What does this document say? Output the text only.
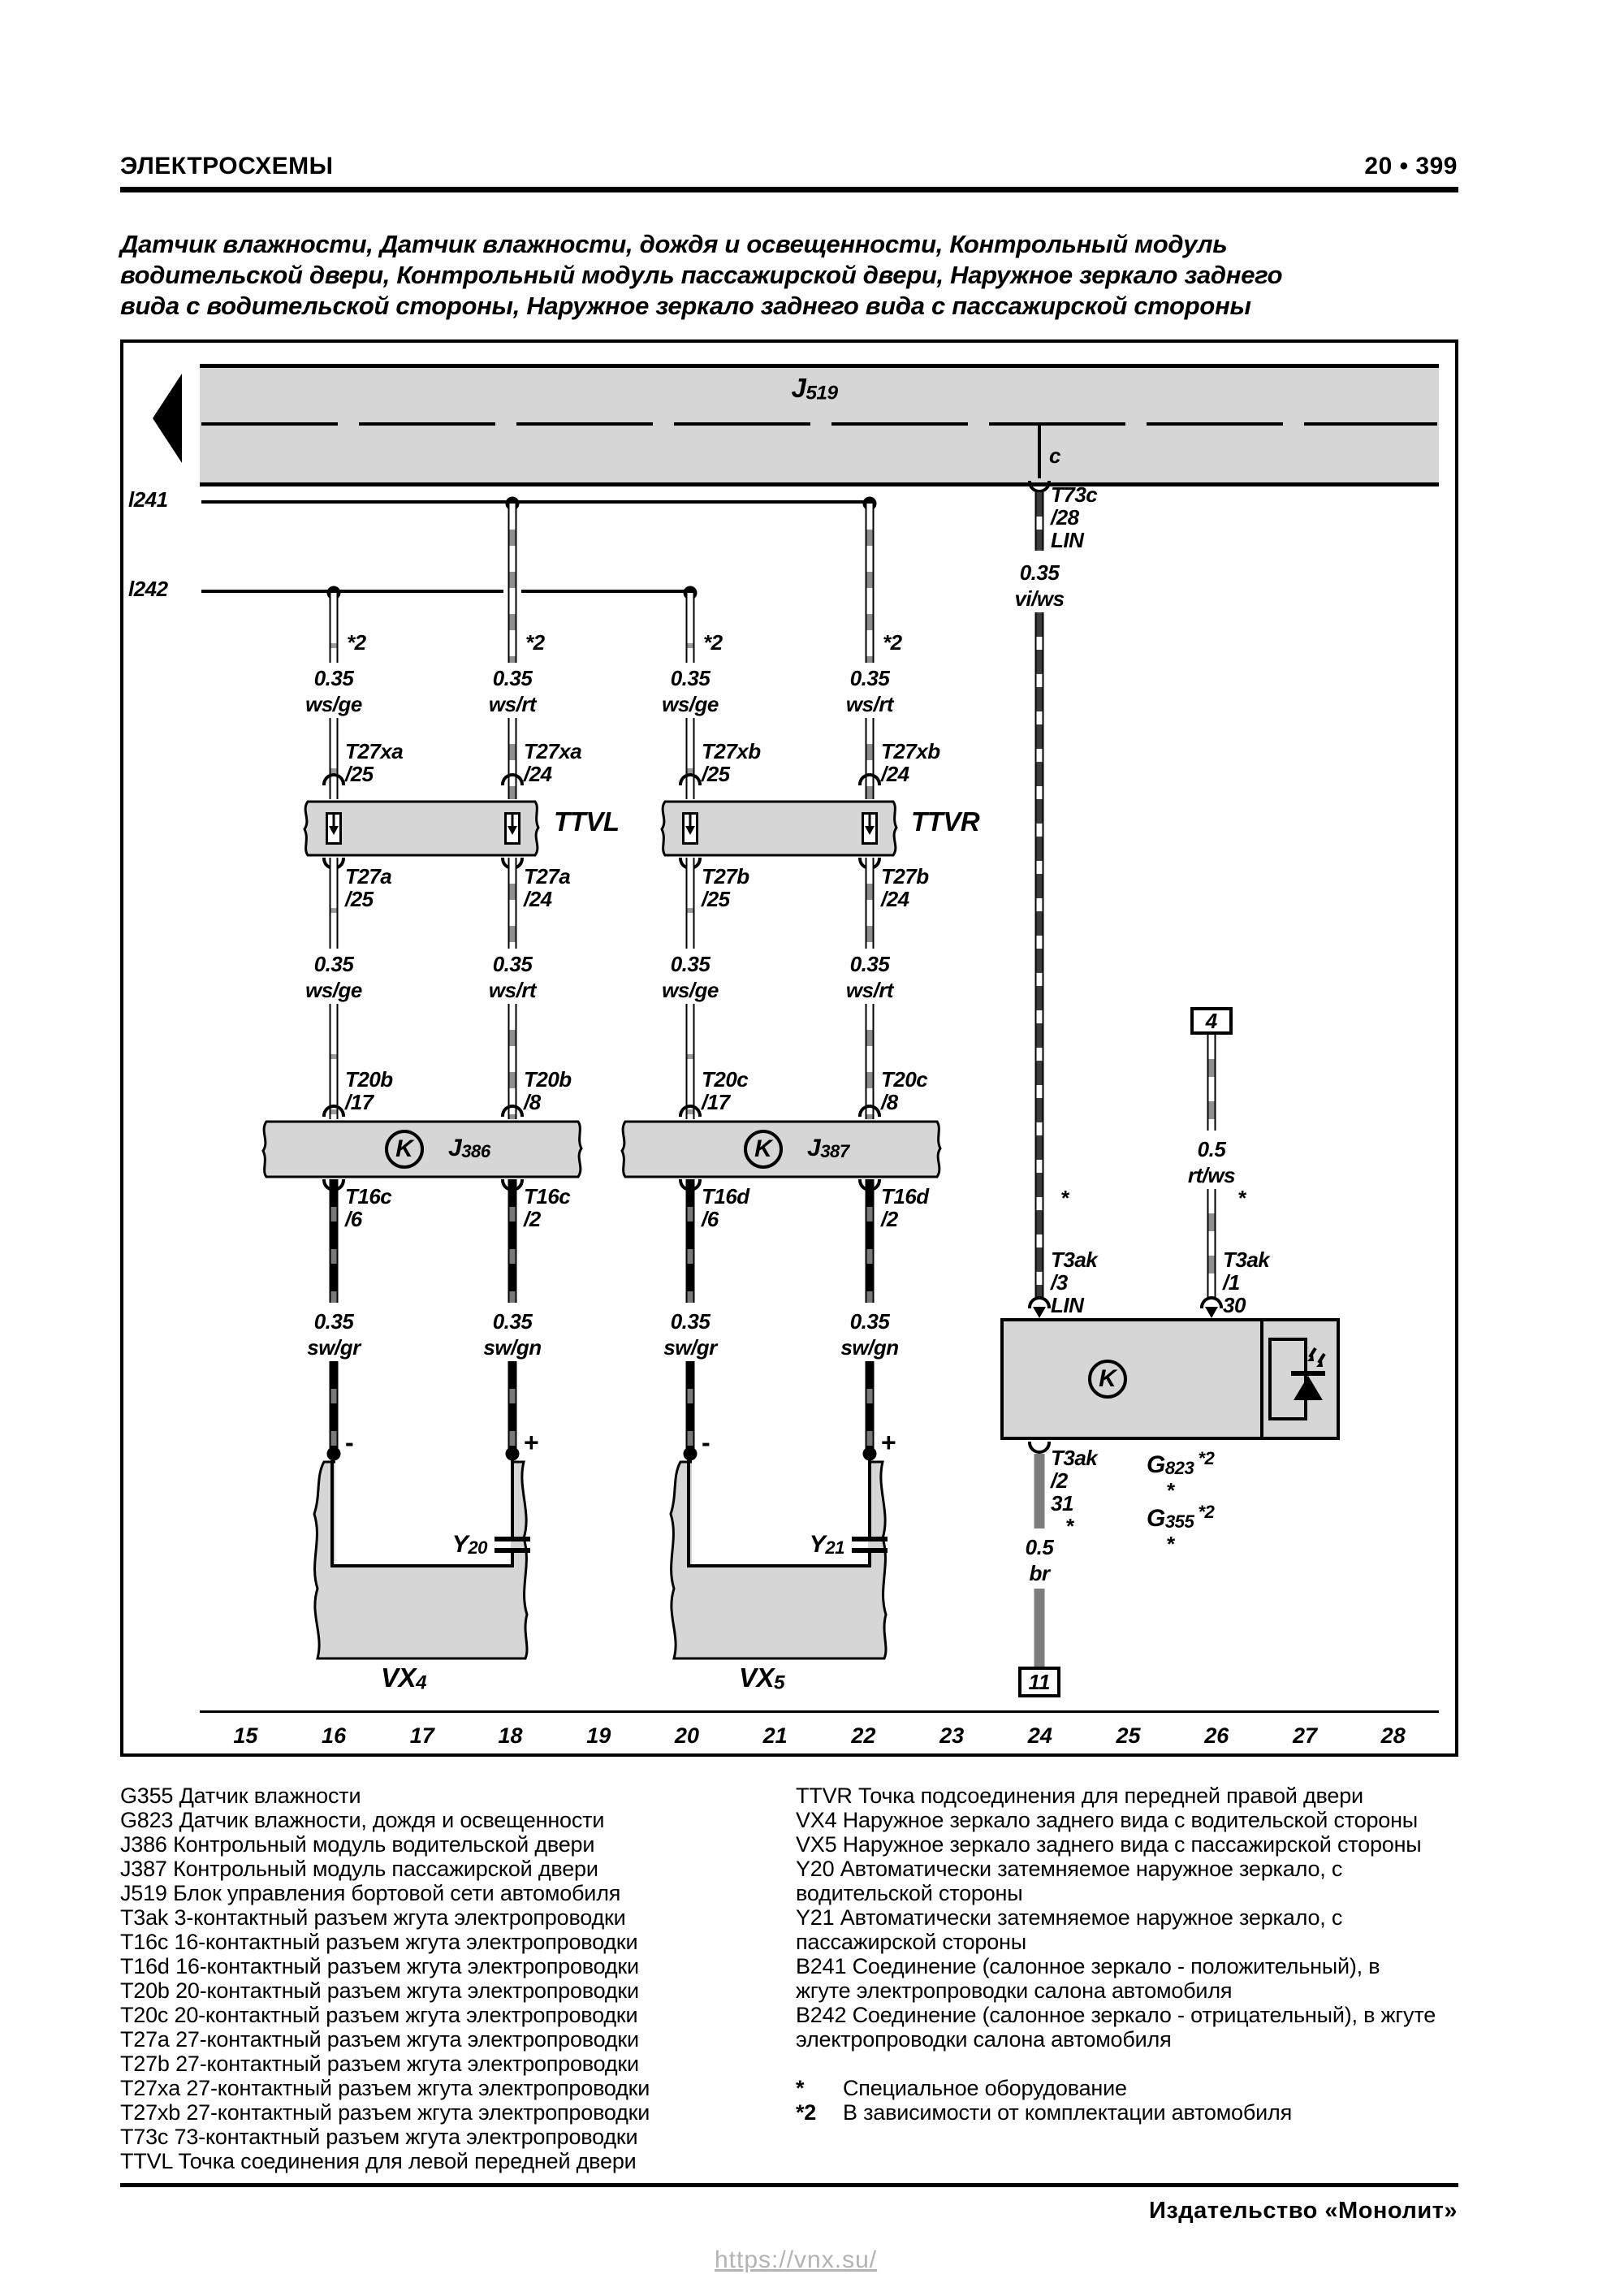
ЭЛЕКТРОСХЕМЫ	20 • 399
Датчик влажности, Датчик влажности, дождя и освещенности, Контрольный модуль
водительской двери, Контрольный модуль пассажирской двери, Наружное зеркало заднего
вида с водительской стороны, Наружное зеркало заднего вида с пассажирской стороны
J519
c
l241
l242
*2	*2	*2	*2
0.35
ws/ge
0.35
ws/rt
0.35
ws/ge
0.35
ws/rt
T27xa
/25
T27xa
/24
T27xb
/25
T27xb
/24
TTVL	TTVR
T27a
/25
T27a
/24
T27b
/25
T27b
/24
0.35
ws/ge
0.35
ws/rt
0.35
ws/ge
0.35
ws/rt
T20b
/17
T20b
/8
T20c
/17
T20c
/8
K	J386	K	J387
T16c
/6
T16c
/2
T16d
/6
T16d
/2
0.35
sw/gr
0.35
sw/gn
0.35
sw/gr
0.35
sw/gn
-	+	-	+
Y20	Y21
VX4	VX5
T73c
/28
LIN
0.35
vi/ws
*
T3ak
/3
LIN
4
0.5
rt/ws
*
T3ak
/1
30
K
T3ak
/2
31
*
G823 $^{*2}$
*
G355 $^{*2}$
*
0.5
br
11
15	16	17	18	19	20	21	22	23	24	25	26	27	28
G355 Датчик влажности
G823 Датчик влажности, дождя и освещенности
J386 Контрольный модуль водительской двери
J387 Контрольный модуль пассажирской двери
J519 Блок управления бортовой сети автомобиля
T3ak 3-контактный разъем жгута электропроводки
T16c 16-контактный разъем жгута электропроводки
T16d 16-контактный разъем жгута электропроводки
T20b 20-контактный разъем жгута электропроводки
T20c 20-контактный разъем жгута электропроводки
T27a 27-контактный разъем жгута электропроводки
T27b 27-контактный разъем жгута электропроводки
T27xa 27-контактный разъем жгута электропроводки
T27xb 27-контактный разъем жгута электропроводки
T73c 73-контактный разъем жгута электропроводки
TTVL Точка соединения для левой передней двери
TTVR Точка подсоединения для передней правой двери
VX4 Наружное зеркало заднего вида с водительской стороны
VX5 Наружное зеркало заднего вида с пассажирской стороны
Y20 Автоматически затемняемое наружное зеркало, с водительской стороны
Y21 Автоматически затемняемое наружное зеркало, с пассажирской стороны
B241 Соединение (салонное зеркало - положительный), в жгуте электропроводки салона автомобиля
B242 Соединение (салонное зеркало - отрицательный), в жгуте электропроводки салона автомобиля
* Специальное оборудование
*2 В зависимости от комплектации автомобиля
Издательство «Монолит»
https://vnx.su/
